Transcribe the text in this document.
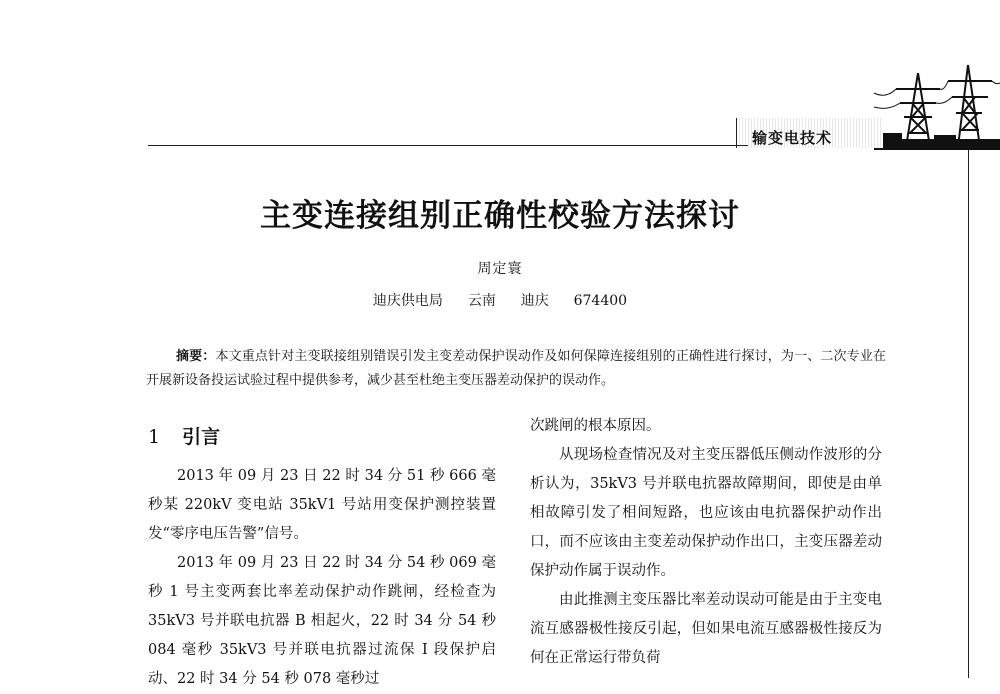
输变电技术
主变连接组别正确性校验方法探讨
周定寰
迪庆供电局  云南  迪庆  674400
摘要：本文重点针对主变联接组别错误引发主变差动保护误动作及如何保障连接组别的正确性进行探讨，为一、二次专业在开展新设备投运试验过程中提供参考，减少甚至杜绝主变压器差动保护的误动作。
1 引言

2013 年 09 月 23 日 22 时 34 分 51 秒 666 毫秒某 220kV 变电站 35kV1 号站用变保护测控装置发“零序电压告警”信号。

2013 年 09 月 23 日 22 时 34 分 54 秒 069 毫秒 1 号主变两套比率差动保护动作跳闸，经检查为 35kV3 号并联电抗器 B 相起火，22 时 34 分 54 秒 084 毫秒 35kV3 号并联电抗器过流保 I 段保护启动、22 时 34 分 54 秒 078 毫秒过

次跳闸的根本原因。

从现场检查情况及对主变压器低压侧动作波形的分析认为，35kV3 号并联电抗器故障期间，即使是由单相故障引发了相间短路，也应该由电抗器保护动作出口，而不应该由主变差动保护动作出口，主变压器差动保护动作属于误动作。

由此推测主变压器比率差动误动可能是由于主变电流互感器极性接反引起，但如果电流互感器极性接反为何在正常运行带负荷
